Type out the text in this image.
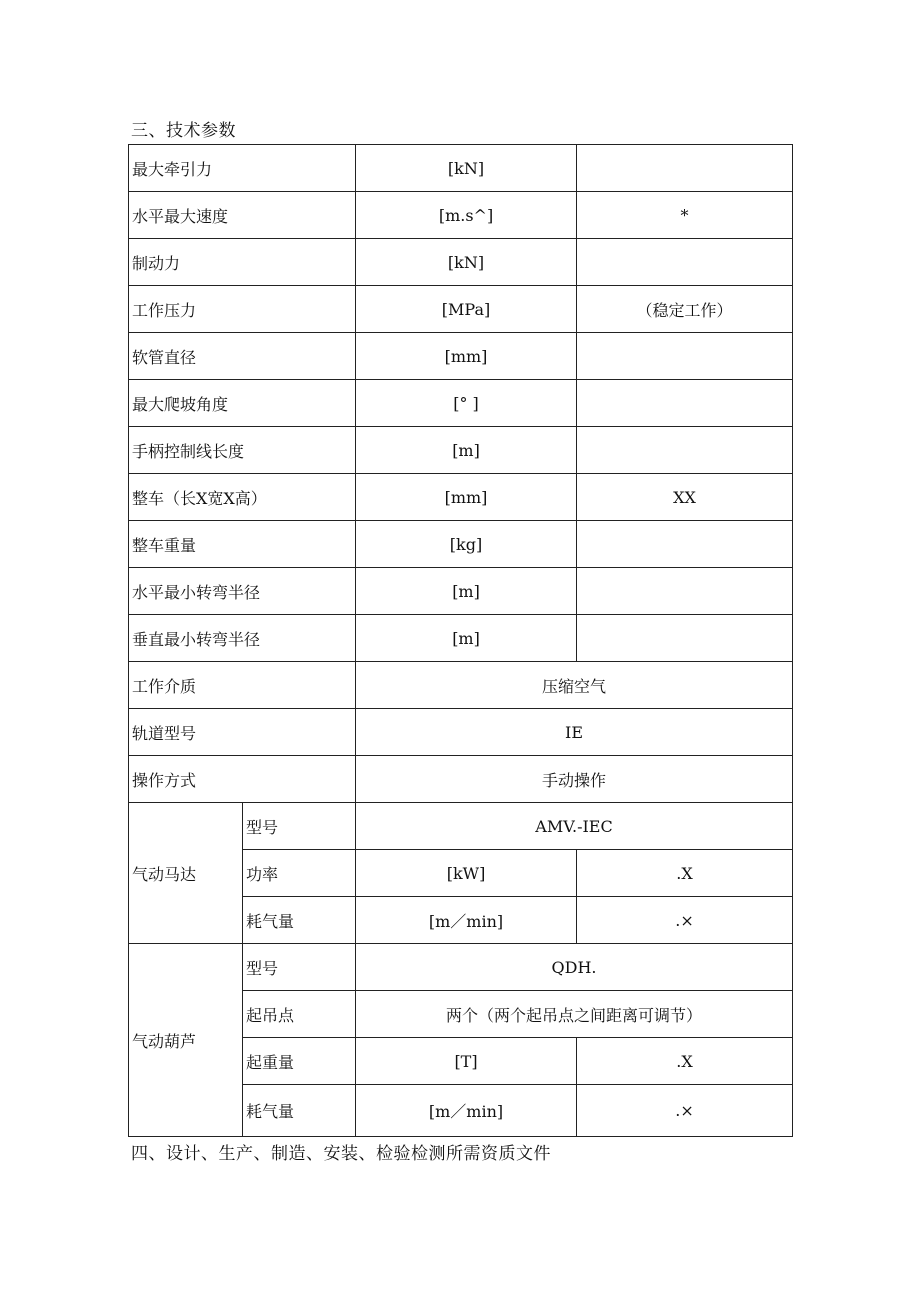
三、技术参数
最大牵引力		[kN]	
水平最大速度		[m.s^]	*
制动力		[kN]	
工作压力		[MPa]	（稳定工作）
软管直径		[mm]	
最大爬坡角度		[° ]	
手柄控制线长度		[m]	
整车（长X宽X高）		[mm]	XX
整车重量		[kg]	
水平最小转弯半径		[m]	
垂直最小转弯半径		[m]	
工作介质		压缩空气	
轨道型号		IE	
操作方式		手动操作	
气动马达	型号	AMV.-IEC	
	功率	[kW]	.X
	耗气量	[m／min]	.×
气动葫芦	型号	QDH.	
	起吊点	两个（两个起吊点之间距离可调节）	
	起重量	[T]	.X
	耗气量	[m／min]	.×
四、设计、生产、制造、安装、检验检测所需资质文件
